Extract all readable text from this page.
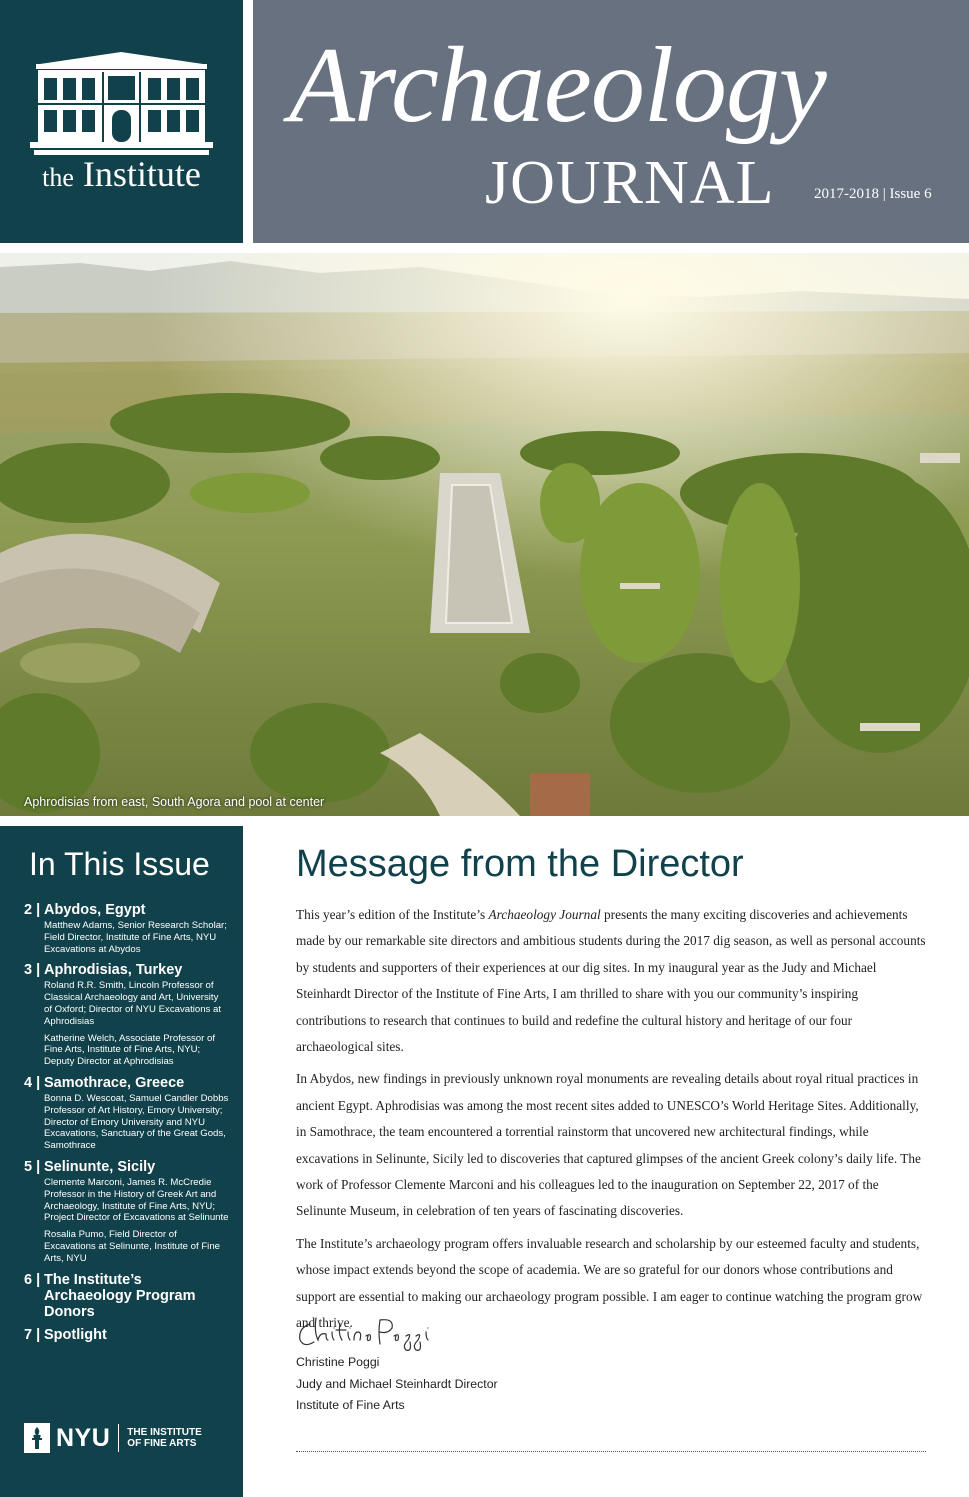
the Institute
Archaeology
JOURNAL	2017-2018 | Issue 6
Aphrodisias from east, South Agora and pool at center
In This Issue
2 | Abydos, Egypt
Matthew Adams, Senior Research Scholar; Field Director, Institute of Fine Arts, NYU Excavations at Abydos
3 | Aphrodisias, Turkey
Roland R.R. Smith, Lincoln Professor of Classical Archaeology and Art, University of Oxford; Director of NYU Excavations at Aphrodisias
Katherine Welch, Associate Professor of Fine Arts, Institute of Fine Arts, NYU; Deputy Director at Aphrodisias
4 | Samothrace, Greece
Bonna D. Wescoat, Samuel Candler Dobbs Professor of Art History, Emory University; Director of Emory University and NYU Excavations, Sanctuary of the Great Gods, Samothrace
5 | Selinunte, Sicily
Clemente Marconi, James R. McCredie Professor in the History of Greek Art and Archaeology, Institute of Fine Arts, NYU; Project Director of Excavations at Selinunte
Rosalia Pumo, Field Director of Excavations at Selinunte, Institute of Fine Arts, NYU
6 | The Institute’s Archaeology Program Donors
7 | Spotlight
NYU THE INSTITUTE
OF FINE ARTS
Message from the Director

This year’s edition of the Institute’s Archaeology Journal presents the many exciting discoveries and achievements made by our remarkable site directors and ambitious students during the 2017 dig season, as well as personal accounts by students and supporters of their experiences at our dig sites. In my inaugural year as the Judy and Michael Steinhardt Director of the Institute of Fine Arts, I am thrilled to share with you our community’s inspiring contributions to research that continues to build and redefine the cultural history and heritage of our four archaeological sites.

In Abydos, new findings in previously unknown royal monuments are revealing details about royal ritual practices in ancient Egypt. Aphrodisias was among the most recent sites added to UNESCO’s World Heritage Sites. Additionally, in Samothrace, the team encountered a torrential rainstorm that uncovered new architectural findings, while excavations in Selinunte, Sicily led to discoveries that captured glimpses of the ancient Greek colony’s daily life. The work of Professor Clemente Marconi and his colleagues led to the inauguration on September 22, 2017 of the Selinunte Museum, in celebration of ten years of fascinating discoveries.

The Institute’s archaeology program offers invaluable research and scholarship by our esteemed faculty and students, whose impact extends beyond the scope of academia. We are so grateful for our donors whose contributions and support are essential to making our archaeology program possible. I am eager to continue watching the program grow and thrive.

Christine Poggi
Judy and Michael Steinhardt Director
Institute of Fine Arts
